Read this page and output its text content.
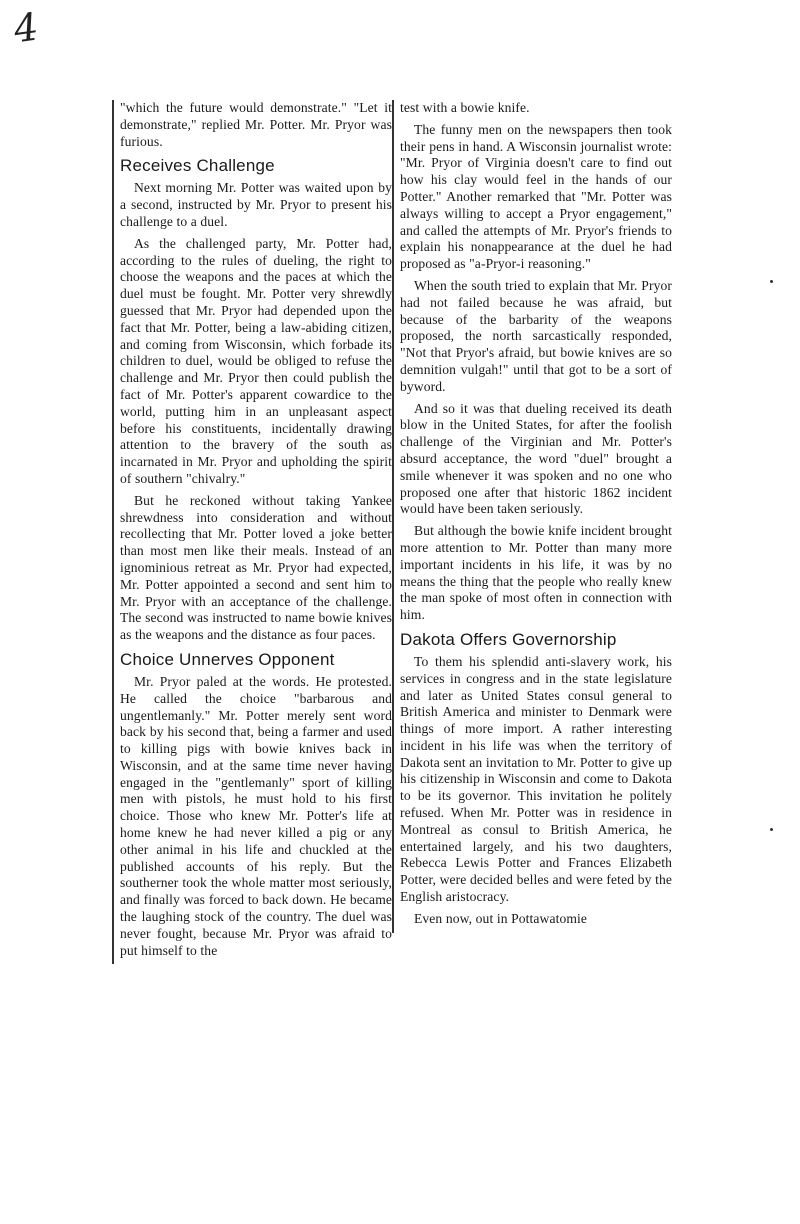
4

"which the future would demonstrate." "Let it demonstrate," replied Mr. Potter. Mr. Pryor was furious.

Receives Challenge

Next morning Mr. Potter was waited upon by a second, instructed by Mr. Pryor to present his challenge to a duel.

As the challenged party, Mr. Potter had, according to the rules of dueling, the right to choose the weapons and the paces at which the duel must be fought. Mr. Potter very shrewdly guessed that Mr. Pryor had depended upon the fact that Mr. Potter, being a law-abiding citizen, and coming from Wisconsin, which forbade its children to duel, would be obliged to refuse the challenge and Mr. Pryor then could publish the fact of Mr. Potter's apparent cowardice to the world, putting him in an unpleasant aspect before his constituents, incidentally drawing attention to the bravery of the south as incarnated in Mr. Pryor and upholding the spirit of southern "chivalry."

But he reckoned without taking Yankee shrewdness into consideration and without recollecting that Mr. Potter loved a joke better than most men like their meals. Instead of an ignominious retreat as Mr. Pryor had expected, Mr. Potter appointed a second and sent him to Mr. Pryor with an acceptance of the challenge. The second was instructed to name bowie knives as the weapons and the distance as four paces.

Choice Unnerves Opponent

Mr. Pryor paled at the words. He protested. He called the choice "barbarous and ungentlemanly." Mr. Potter merely sent word back by his second that, being a farmer and used to killing pigs with bowie knives back in Wisconsin, and at the same time never having engaged in the "gentlemanly" sport of killing men with pistols, he must hold to his first choice. Those who knew Mr. Potter's life at home knew he had never killed a pig or any other animal in his life and chuckled at the published accounts of his reply. But the southerner took the whole matter most seriously, and finally was forced to back down. He became the laughing stock of the country. The duel was never fought, because Mr. Pryor was afraid to put himself to the

test with a bowie knife.

The funny men on the newspapers then took their pens in hand. A Wisconsin journalist wrote: "Mr. Pryor of Virginia doesn't care to find out how his clay would feel in the hands of our Potter." Another remarked that "Mr. Potter was always willing to accept a Pryor engagement," and called the attempts of Mr. Pryor's friends to explain his nonappearance at the duel he had proposed as "a-Pryor-i reasoning."

When the south tried to explain that Mr. Pryor had not failed because he was afraid, but because of the barbarity of the weapons proposed, the north sarcastically responded, "Not that Pryor's afraid, but bowie knives are so demnition vulgah!" until that got to be a sort of byword.

And so it was that dueling received its death blow in the United States, for after the foolish challenge of the Virginian and Mr. Potter's absurd acceptance, the word "duel" brought a smile whenever it was spoken and no one who proposed one after that historic 1862 incident would have been taken seriously.

But although the bowie knife incident brought more attention to Mr. Potter than many more important incidents in his life, it was by no means the thing that the people who really knew the man spoke of most often in connection with him.

Dakota Offers Governorship

To them his splendid anti-slavery work, his services in congress and in the state legislature and later as United States consul general to British America and minister to Denmark were things of more import. A rather interesting incident in his life was when the territory of Dakota sent an invitation to Mr. Potter to give up his citizenship in Wisconsin and come to Dakota to be its governor. This invitation he politely refused. When Mr. Potter was in residence in Montreal as consul to British America, he entertained largely, and his two daughters, Rebecca Lewis Potter and Frances Elizabeth Potter, were decided belles and were feted by the English aristocracy.

Even now, out in Pottawatomie
